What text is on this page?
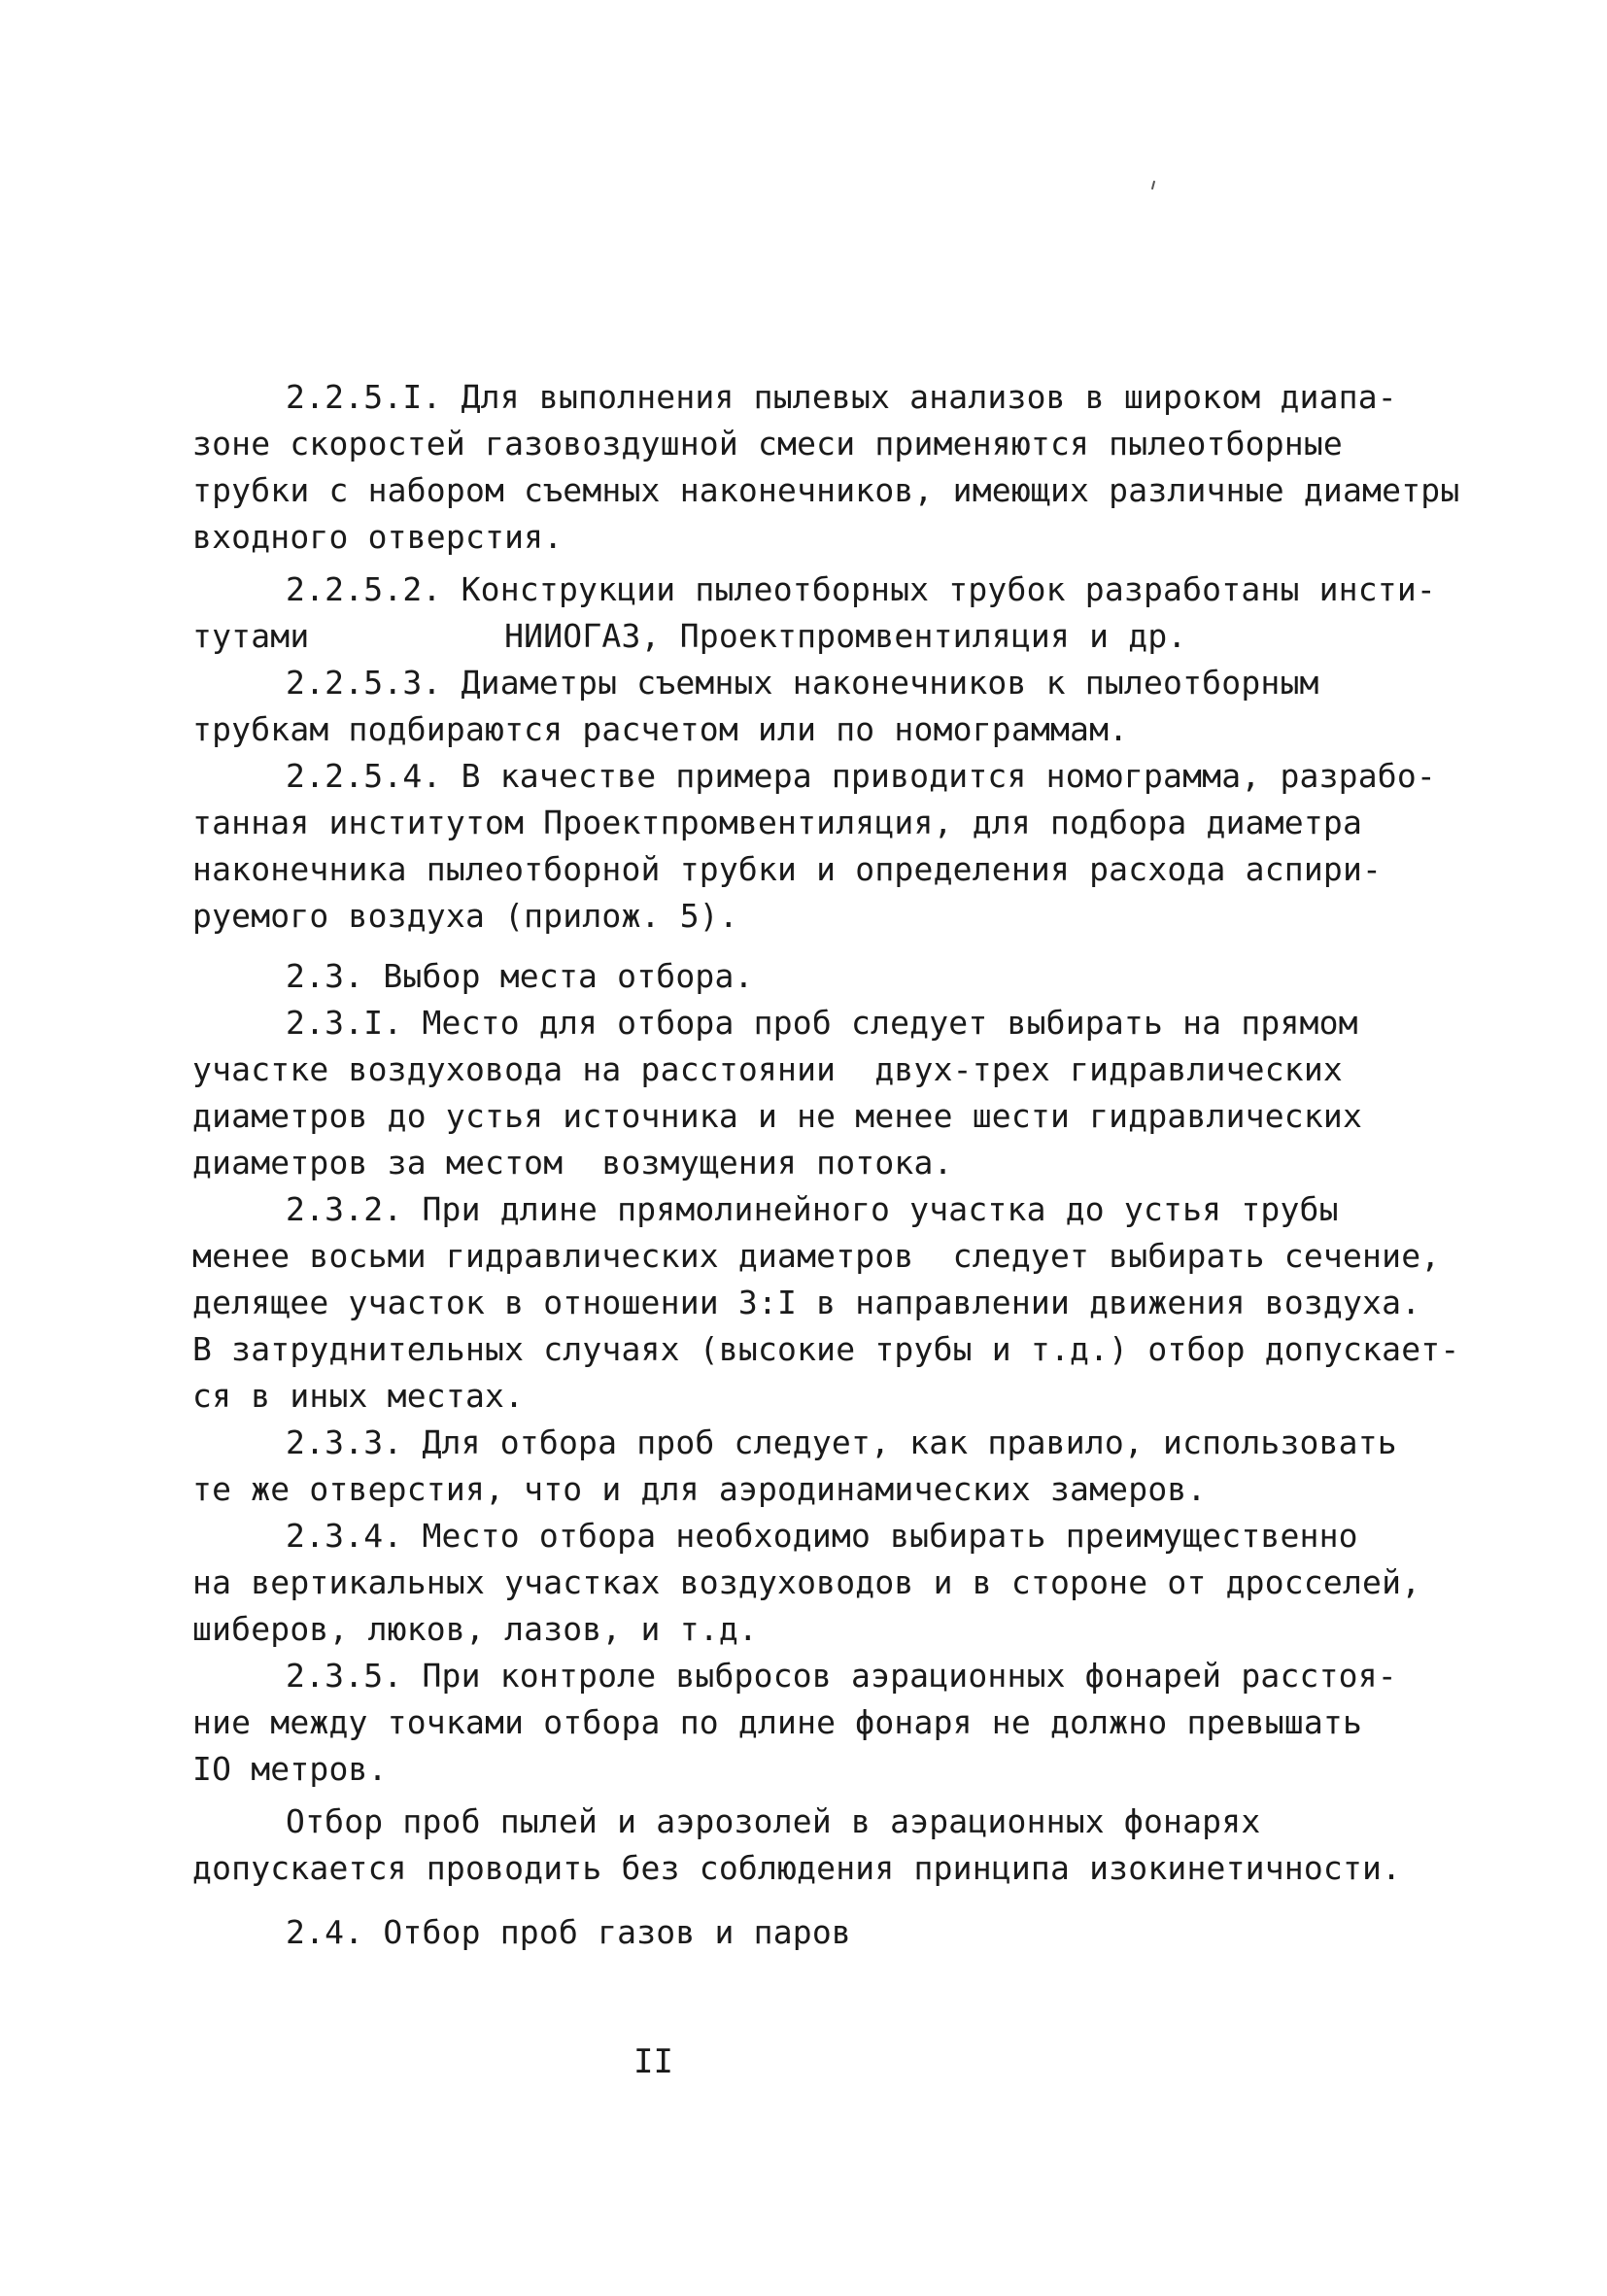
2.2.5.I. Для выполнения пылевых анализов в широком диапа-
зоне скоростей газовоздушной смеси применяются пылеотборные
трубки с набором съемных наконечников, имеющих различные диаметры
входного отверстия.
2.2.5.2. Конструкции пылеотборных трубок разработаны инсти-
тутами          НИИОГАЗ, Проектпромвентиляция и др.
2.2.5.3. Диаметры съемных наконечников к пылеотборным
трубкам подбираются расчетом или по номограммам.
2.2.5.4. В качестве примера приводится номограмма, разрабо-
танная институтом Проектпромвентиляция, для подбора диаметра
наконечника пылеотборной трубки и определения расхода аспири-
руемого воздуха (прилож. 5).
2.3. Выбор места отбора.
2.3.I. Место для отбора проб следует выбирать на прямом
участке воздуховода на расстоянии  двух-трех гидравлических
диаметров до устья источника и не менее шести гидравлических
диаметров за местом  возмущения потока.
2.3.2. При длине прямолинейного участка до устья трубы
менее восьми гидравлических диаметров  следует выбирать сечение,
делящее участок в отношении 3:I в направлении движения воздуха.
В затруднительных случаях (высокие трубы и т.д.) отбор допускает-
ся в иных местах.
2.3.3. Для отбора проб следует, как правило, использовать
те же отверстия, что и для аэродинамических замеров.
2.3.4. Место отбора необходимо выбирать преимущественно
на вертикальных участках воздуховодов и в стороне от дросселей,
шиберов, люков, лазов, и т.д.
2.3.5. При контроле выбросов аэрационных фонарей расстоя-
ние между точками отбора по длине фонаря не должно превышать
IO метров.
Отбор проб пылей и аэрозолей в аэрационных фонарях
допускается проводить без соблюдения принципа изокинетичности.
2.4. Отбор проб газов и паров
II
